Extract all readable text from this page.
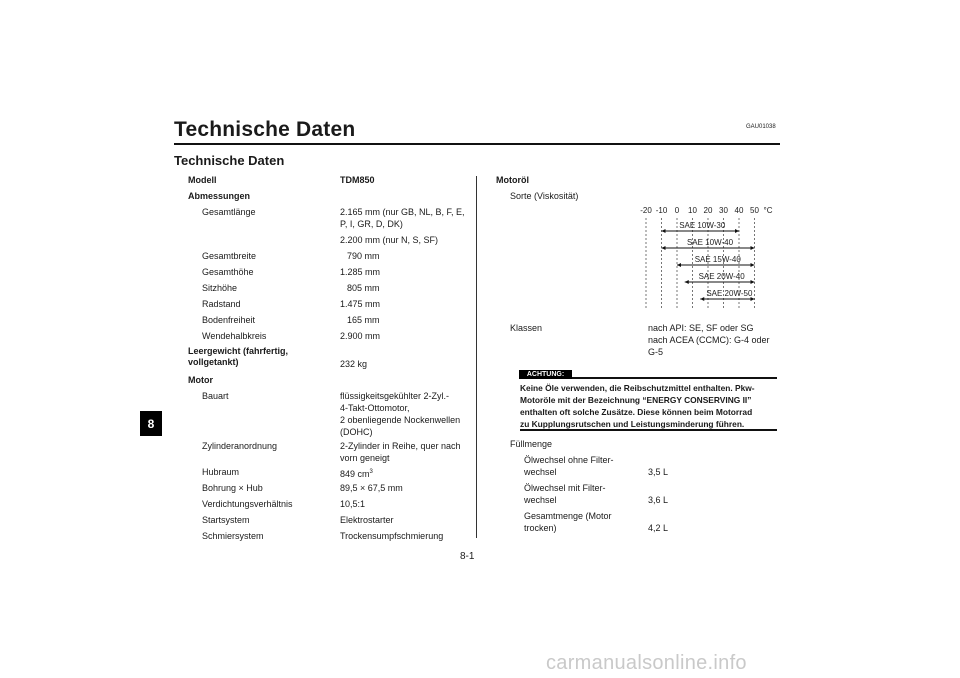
Technische Daten	GAU01038
Technische Daten
8
Modell	TDM850
Abmessungen
Gesamtlänge	2.165 mm (nur GB, NL, B, F, E,
P, I, GR, D, DK)
2.200 mm (nur N, S, SF)
Gesamtbreite	790 mm
Gesamthöhe	1.285 mm
Sitzhöhe	805 mm
Radstand	1.475 mm
Bodenfreiheit	165 mm
Wendehalbkreis	2.900 mm
Leergewicht (fahrfertig,
vollgetankt)	232 kg
Motor
Bauart	flüssigkeitsgekühlter 2-Zyl.-
4-Takt-Ottomotor,
2 obenliegende Nockenwellen
(DOHC)
Zylinderanordnung	2-Zylinder in Reihe, quer nach
vorn geneigt
Hubraum	849 $cm^3$
Bohrung × Hub	89,5 × 67,5 mm
Verdichtungsverhältnis	10,5:1
Startsystem	Elektrostarter
Schmiersystem	Trockensumpfschmierung
Motoröl
Sorte (Viskosität)
-20 -10 0 10 20 30 40 50 °C
SAE 10W-30
SAE 10W-40
SAE 15W-40
SAE 20W-40
SAE 20W-50
Klassen	nach API: SE, SF oder SG
nach ACEA (CCMC): G-4 oder
G-5
ACHTUNG:
Keine Öle verwenden, die Reibschutzmittel enthalten. Pkw-
Motoröle mit der Bezeichnung “ENERGY CONSERVING II”
enthalten oft solche Zusätze. Diese können beim Motorrad
zu Kupplungsrutschen und Leistungsminderung führen.
Füllmenge
Ölwechsel ohne Filter-
wechsel	3,5 L
Ölwechsel mit Filter-
wechsel	3,6 L
Gesamtmenge (Motor
trocken)	4,2 L
8-1
carmanualsonline.info
